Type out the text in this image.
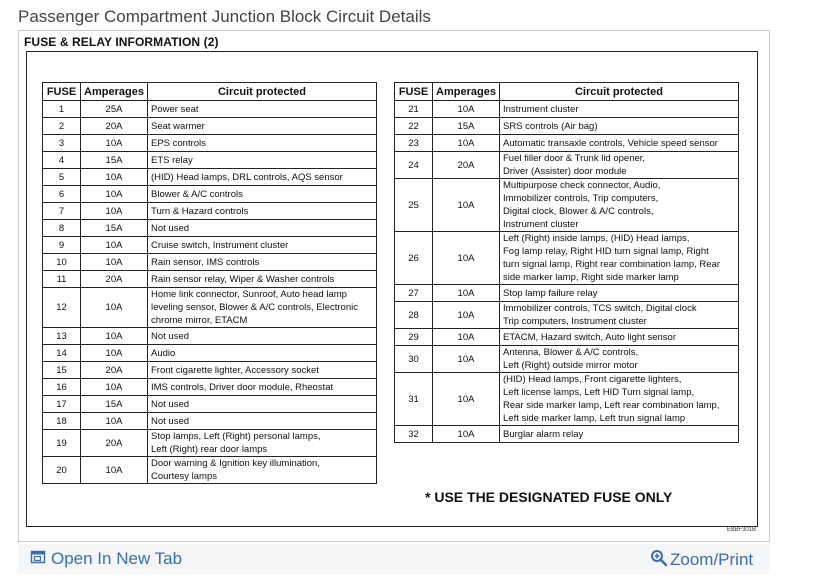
Passenger Compartment Junction Block Circuit Details
FUSE & RELAY INFORMATION (2)
FUSE	Amperages	Circuit protected
1	25A	Power seat

2	20A	Seat warmer

3	10A	EPS controls

4	15A	ETS relay

5	10A	(HID) Head lamps, DRL controls, AQS sensor

6	10A	Blower & A/C controls

7	10A	Turn & Hazard controls

8	15A	Not used

9	10A	Cruise switch, Instrument cluster

10	10A	Rain sensor, IMS controls

11	20A	Rain sensor relay, Wiper & Washer controls

12	10A	Home link connector, Sunroof, Auto head lamp
leveling sensor, Blower & A/C controls, Electronic
chrome mirror, ETACM

13	10A	Not used

14	10A	Audio

15	20A	Front cigarette lighter, Accessory socket

16	10A	IMS controls, Driver door module, Rheostat

17	15A	Not used

18	10A	Not used

19	20A	Stop lamps, Left (Right) personal lamps,
Left (Right) rear door lamps

20	10A	Door warning & Ignition key illumination,
Courtesy lamps
FUSE	Amperages	Circuit protected
21	10A	Instrument cluster

22	15A	SRS controls (Air bag)

23	10A	Automatic transaxle controls, Vehicle speed sensor

24	20A	Fuel filler door & Trunk lid opener,
Driver (Assister) door module

25	10A	Multipurpose check connector, Audio,
Immobilizer controls, Trip computers,
Digital clock, Blower & A/C controls,
Instrument cluster

26	10A	Left (Right) inside lamps, (HID) Head lamps,
Fog lamp relay, Right HID turn signal lamp, Right
turn signal lamp, Right rear combination lamp, Rear
side marker lamp, Right side marker lamp

27	10A	Stop lamp failure relay

28	10A	Immobilizer controls, TCS switch, Digital clock
Trip computers, Instrument cluster

29	10A	ETACM, Hazard switch, Auto light sensor

30	10A	Antenna, Blower & A/C controls,
Left (Right) outside mirror motor

31	10A	(HID) Head lamps, Front cigarette lighters,
Left license lamps, Left HID Turn signal lamp,
Rear side marker lamp, Left rear combination lamp,
Left side marker lamp, Left trun signal lamp

32	10A	Burglar alarm relay
* USE THE DESIGNATED FUSE ONLY
E8BF301B
Open In New Tab	Zoom/Print
